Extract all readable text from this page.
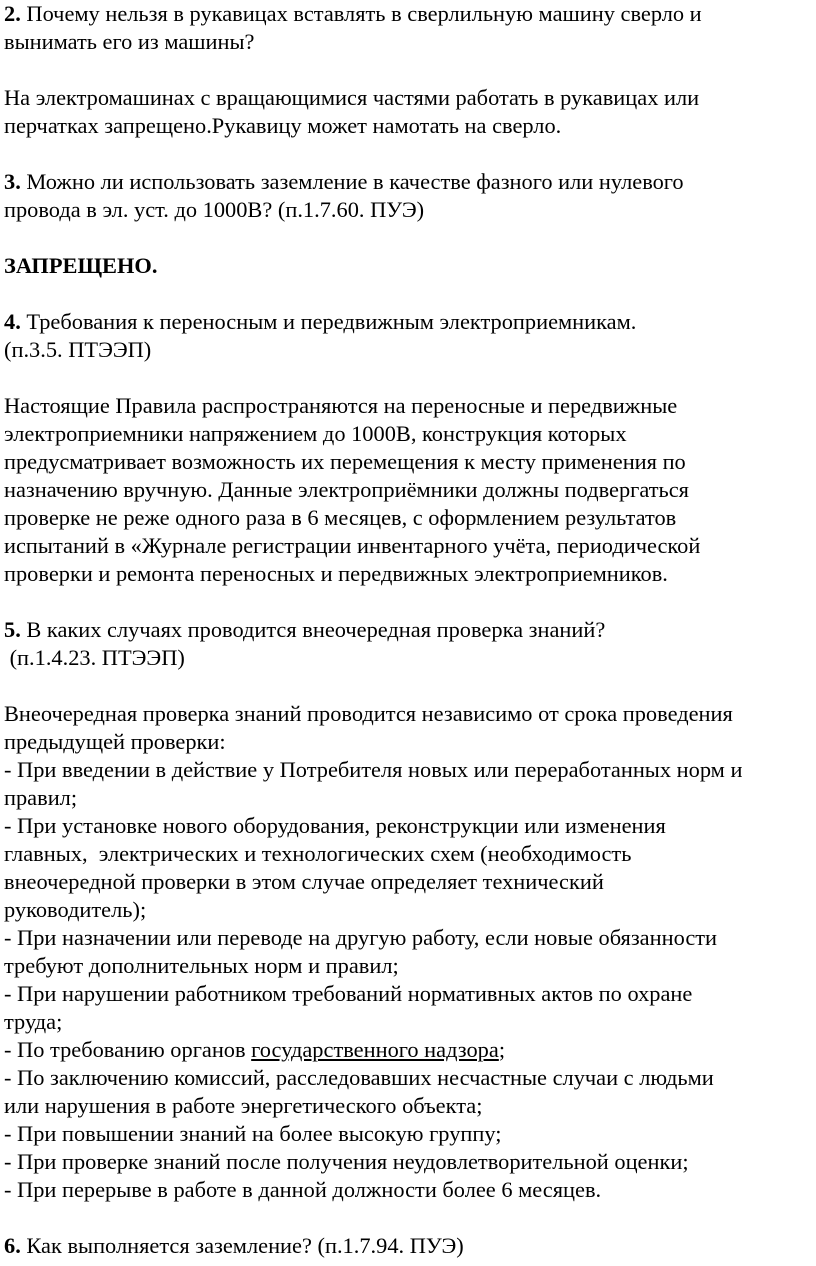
2. Почему нельзя в рукавицах вставлять в сверлильную машину сверло и
вынимать его из машины?
На электромашинах с вращающимися частями работать в рукавицах или
перчатках запрещено.Рукавицу может намотать на сверло.
3. Можно ли использовать заземление в качестве фазного или нулевого
провода в эл. уст. до 1000В? (п.1.7.60. ПУЭ)
ЗАПРЕЩЕНО.
4. Требования к переносным и передвижным электроприемникам.
(п.3.5. ПТЭЭП)
Настоящие Правила распространяются на переносные и передвижные
электроприемники напряжением до 1000В, конструкция которых
предусматривает возможность их перемещения к месту применения по
назначению вручную. Данные электроприёмники должны подвергаться
проверке не реже одного раза в 6 месяцев, с оформлением результатов
испытаний в «Журнале регистрации инвентарного учёта, периодической
проверки и ремонта переносных и передвижных электроприемников.
5. В каких случаях проводится внеочередная проверка знаний?
(п.1.4.23. ПТЭЭП)
Внеочередная проверка знаний проводится независимо от срока проведения
предыдущей проверки:
- При введении в действие у Потребителя новых или переработанных норм и
правил;
- При установке нового оборудования, реконструкции или изменения
главных,  электрических и технологических схем (необходимость
внеочередной проверки в этом случае определяет технический
руководитель);
- При назначении или переводе на другую работу, если новые обязанности
требуют дополнительных норм и правил;
- При нарушении работником требований нормативных актов по охране
труда;
- По требованию органов государственного надзора;
- По заключению комиссий, расследовавших несчастные случаи с людьми
или нарушения в работе энергетического объекта;
- При повышении знаний на более высокую группу;
- При проверке знаний после получения неудовлетворительной оценки;
- При перерыве в работе в данной должности более 6 месяцев.
6. Как выполняется заземление? (п.1.7.94. ПУЭ)
